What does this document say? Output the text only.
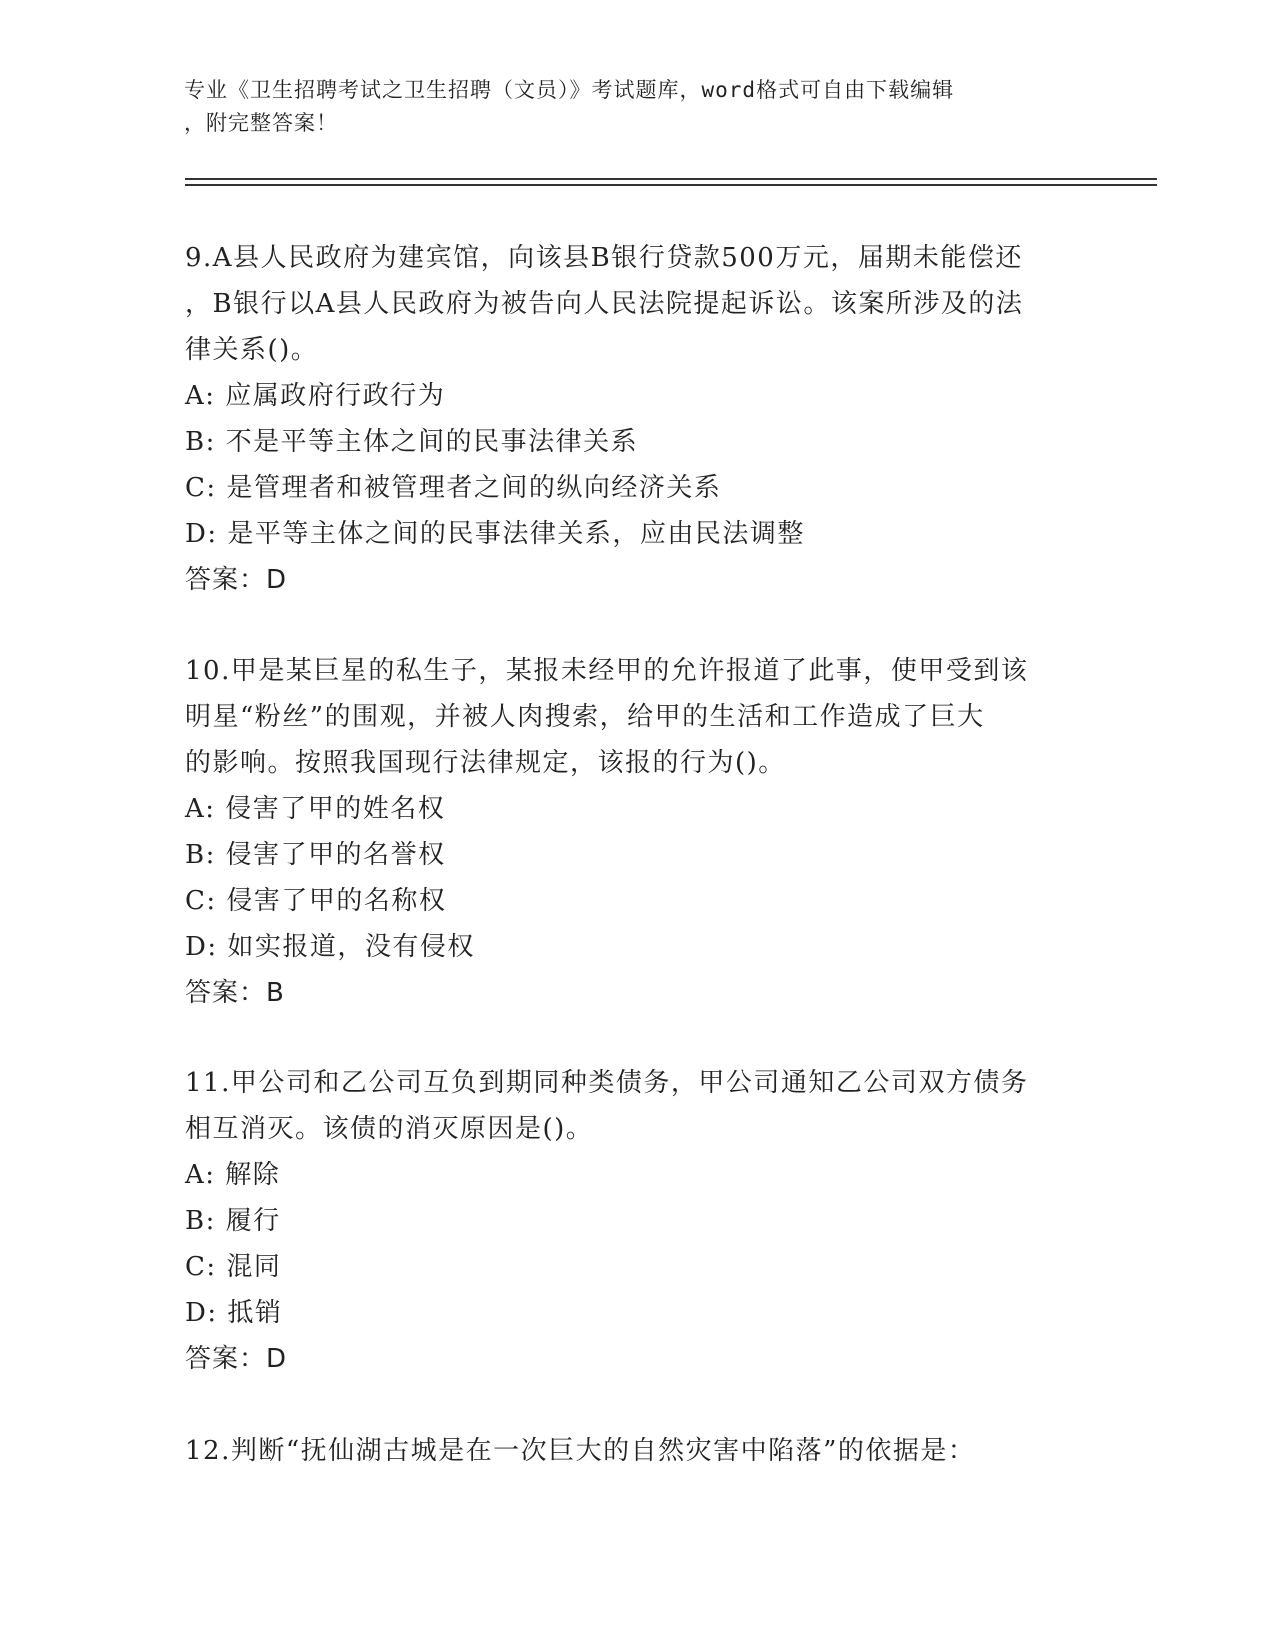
专业《卫生招聘考试之卫生招聘（文员）》考试题库，word格式可自由下载编辑
，附完整答案！
9.A县人民政府为建宾馆，向该县B银行贷款500万元，届期未能偿还
，B银行以A县人民政府为被告向人民法院提起诉讼。该案所涉及的法
律关系()。
A: 应属政府行政行为
B: 不是平等主体之间的民事法律关系
C: 是管理者和被管理者之间的纵向经济关系
D: 是平等主体之间的民事法律关系，应由民法调整
答案：D
10.甲是某巨星的私生子，某报未经甲的允许报道了此事，使甲受到该
明星“粉丝”的围观，并被人肉搜索，给甲的生活和工作造成了巨大
的影响。按照我国现行法律规定，该报的行为()。
A: 侵害了甲的姓名权
B: 侵害了甲的名誉权
C: 侵害了甲的名称权
D: 如实报道，没有侵权
答案：B
11.甲公司和乙公司互负到期同种类债务，甲公司通知乙公司双方债务
相互消灭。该债的消灭原因是()。
A: 解除
B: 履行
C: 混同
D: 抵销
答案：D
12.判断“抚仙湖古城是在一次巨大的自然灾害中陷落”的依据是：
